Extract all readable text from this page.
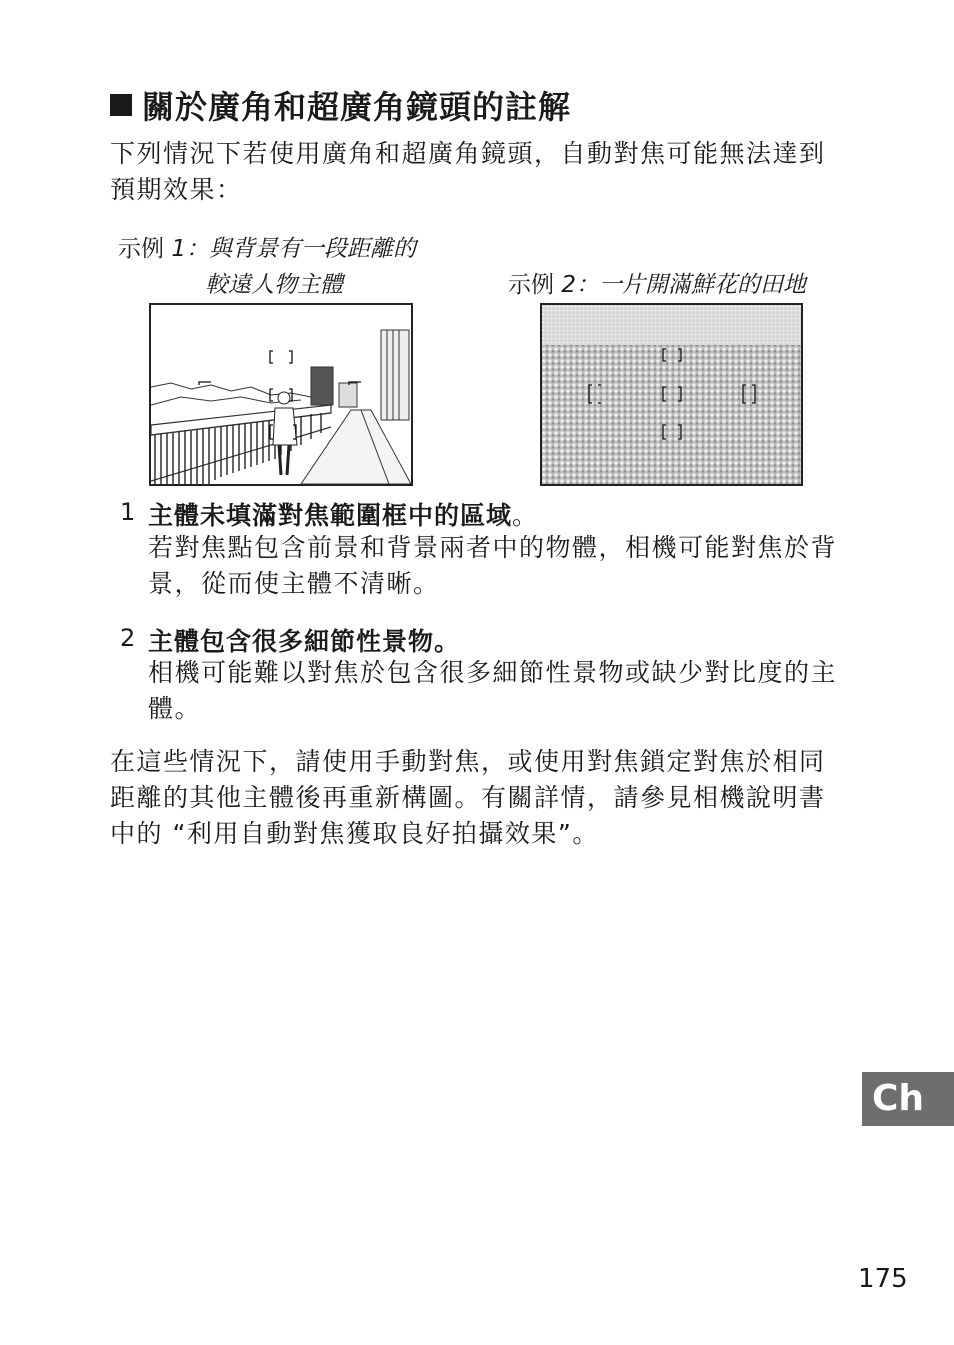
關於廣角和超廣角鏡頭的註解
下列情況下若使用廣角和超廣角鏡頭，自動對焦可能無法達到預期效果：
示例 1：與背景有一段距離的
較遠人物主體	示例 2：一片開滿鮮花的田地
1 主體未填滿對焦範圍框中的區域。
若對焦點包含前景和背景兩者中的物體，相機可能對焦於背景，從而使主體不清晰。
2 主體包含很多細節性景物。
相機可能難以對焦於包含很多細節性景物或缺少對比度的主體。
在這些情況下，請使用手動對焦，或使用對焦鎖定對焦於相同距離的其他主體後再重新構圖。有關詳情，請參見相機說明書中的 “利用自動對焦獲取良好拍攝效果”。
Ch
175
